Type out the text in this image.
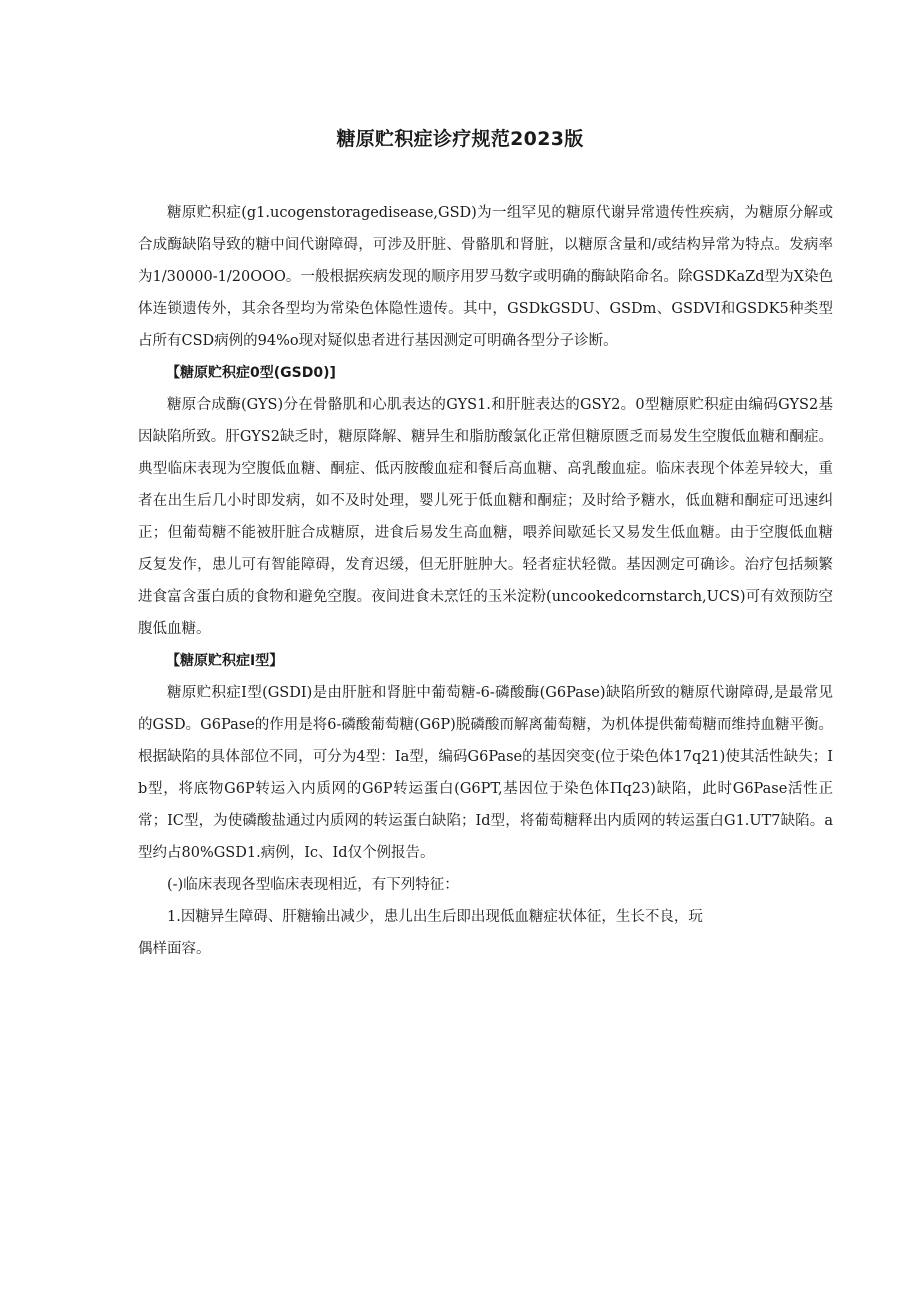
糖原贮积症诊疗规范2023版

糖原贮积症(g1.ucogenstoragedisease,GSD)为一组罕见的糖原代谢异常遗传性疾病，为糖原分解或合成酶缺陷导致的糖中间代谢障碍，可涉及肝脏、骨骼肌和肾脏，以糖原含量和/或结构异常为特点。发病率为1/30000-1/20OOO。一般根据疾病发现的顺序用罗马数字或明确的酶缺陷命名。除GSDKaZd型为X染色体连锁遗传外，其余各型均为常染色体隐性遗传。其中，GSDkGSDU、GSDm、GSDVI和GSDK5种类型占所有CSD病例的94%o现对疑似患者进行基因测定可明确各型分子诊断。

【糖原贮积症0型(GSD0)]

糖原合成酶(GYS)分在骨骼肌和心肌表达的GYS1.和肝脏表达的GSY2。0型糖原贮积症由编码GYS2基因缺陷所致。肝GYS2缺乏时，糖原降解、糖异生和脂肪酸氯化正常但糖原匮乏而易发生空腹低血糖和酮症。典型临床表现为空腹低血糖、酮症、低丙胺酸血症和餐后高血糖、高乳酸血症。临床表现个体差异较大，重者在出生后几小时即发病，如不及时处理，婴儿死于低血糖和酮症；及时给予糖水，低血糖和酮症可迅速纠正；但葡萄糖不能被肝脏合成糖原，进食后易发生高血糖，喂养间歇延长又易发生低血糖。由于空腹低血糖反复发作，患儿可有智能障碍，发育迟缓，但无肝脏肿大。轻者症状轻微。基因测定可确诊。治疗包括频繁进食富含蛋白质的食物和避免空腹。夜间进食未烹饪的玉米淀粉(uncookedcornstarch,UCS)可有效预防空腹低血糖。

【糖原贮积症I型】

糖原贮积症I型(GSDI)是由肝脏和肾脏中葡萄糖-6-磷酸酶(G6Pase)缺陷所致的糖原代谢障碍,是最常见的GSD。G6Pase的作用是将6-磷酸葡萄糖(G6P)脱磷酸而解离葡萄糖，为机体提供葡萄糖而维持血糖平衡。根据缺陷的具体部位不同，可分为4型：Ia型，编码G6Pase的基因突变(位于染色体17q21)使其活性缺失；Ib型，将底物G6P转运入内质网的G6P转运蛋白(G6PT,基因位于染色体Πq23)缺陷，此时G6Pase活性正常；IC型，为使磷酸盐通过内质网的转运蛋白缺陷；Id型，将葡萄糖释出内质网的转运蛋白G1.UT7缺陷。a型约占80%GSD1.病例，Ic、Id仅个例报告。

(-)临床表现各型临床表现相近，有下列特征：

1.因糖异生障碍、肝糖输出减少，患儿出生后即出现低血糖症状体征，生长不良，玩

偶样面容。
